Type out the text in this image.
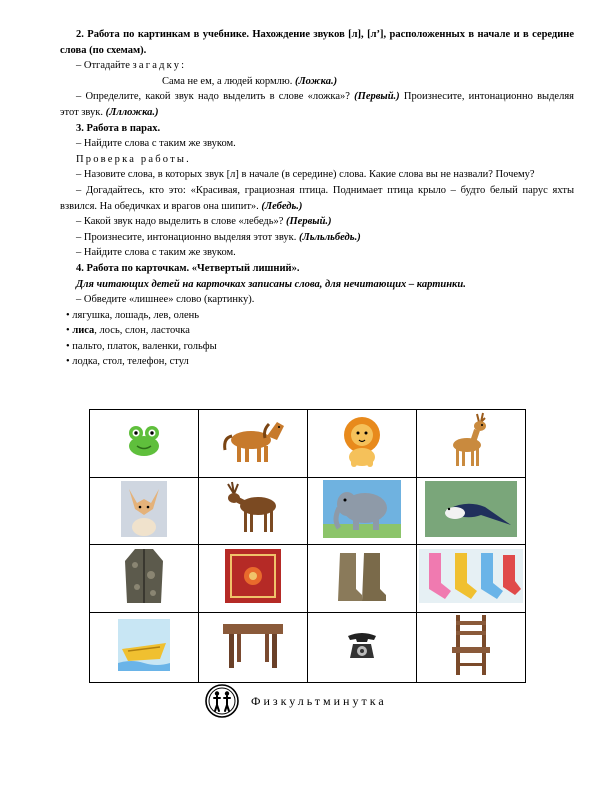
2. Работа по картинкам в учебнике. Нахождение звуков [л], [л’], расположенных в начале и в середине слова (по схемам).

– Отгадайте загадку:

Сама не ем, а людей кормлю. (Ложка.)

– Определите, какой звук надо выделить в слове «ложка»? (Первый.) Произнесите, интонационно выделяя этот звук. (Ллложка.)

3. Работа в парах.

– Найдите слова с таким же звуком.

Проверка работы.

– Назовите слова, в которых звук [л] в начале (в середине) слова. Какие слова вы не назвали? Почему?

– Догадайтесь, кто это: «Красивая, грациозная птица. Поднимает птица крыло – будто белый парус яхты взвился. На обедичках и врагов она шипит». (Лебедь.)

– Какой звук надо выделить в слове «лебедь»? (Первый.)

– Произнесите, интонационно выделяя этот звук. (Льльльбедь.)

– Найдите слова с таким же звуком.

4. Работа по карточкам. «Четвертый лишний».

Для читающих детей на карточках записаны слова, для нечитающих – картинки.

– Обведите «лишнее» слово (картинку).

• лягушка, лошадь, лев, олень

• лиса, лось, слон, ласточка

• пальто, платок, валенки, гольфы

• лодка, стол, телефон, стул

Физкультминутка
